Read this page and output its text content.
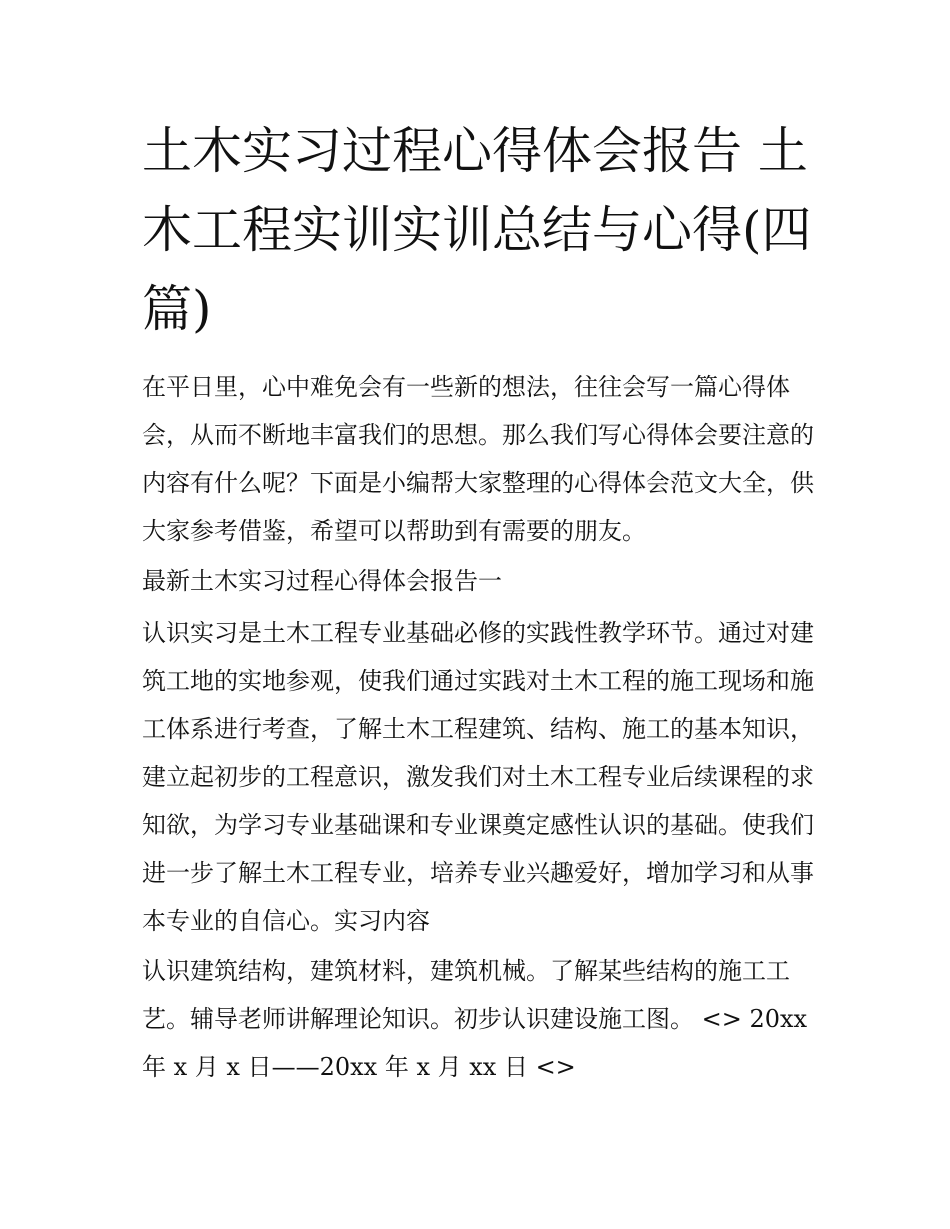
土木实习过程心得体会报告 土木工程实训实训总结与心得(四篇)

在平日里，心中难免会有一些新的想法，往往会写一篇心得体会，从而不断地丰富我们的思想。那么我们写心得体会要注意的内容有什么呢？下面是小编帮大家整理的心得体会范文大全，供大家参考借鉴，希望可以帮助到有需要的朋友。

最新土木实习过程心得体会报告一

认识实习是土木工程专业基础必修的实践性教学环节。通过对建筑工地的实地参观，使我们通过实践对土木工程的施工现场和施工体系进行考查，了解土木工程建筑、结构、施工的基本知识，建立起初步的工程意识，激发我们对土木工程专业后续课程的求知欲，为学习专业基础课和专业课奠定感性认识的基础。使我们进一步了解土木工程专业，培养专业兴趣爱好，增加学习和从事本专业的自信心。实习内容

认识建筑结构，建筑材料，建筑机械。了解某些结构的施工工艺。辅导老师讲解理论知识。初步认识建设施工图。 <> 20xx年 x 月 x 日——20xx 年 x 月 xx 日 <>
